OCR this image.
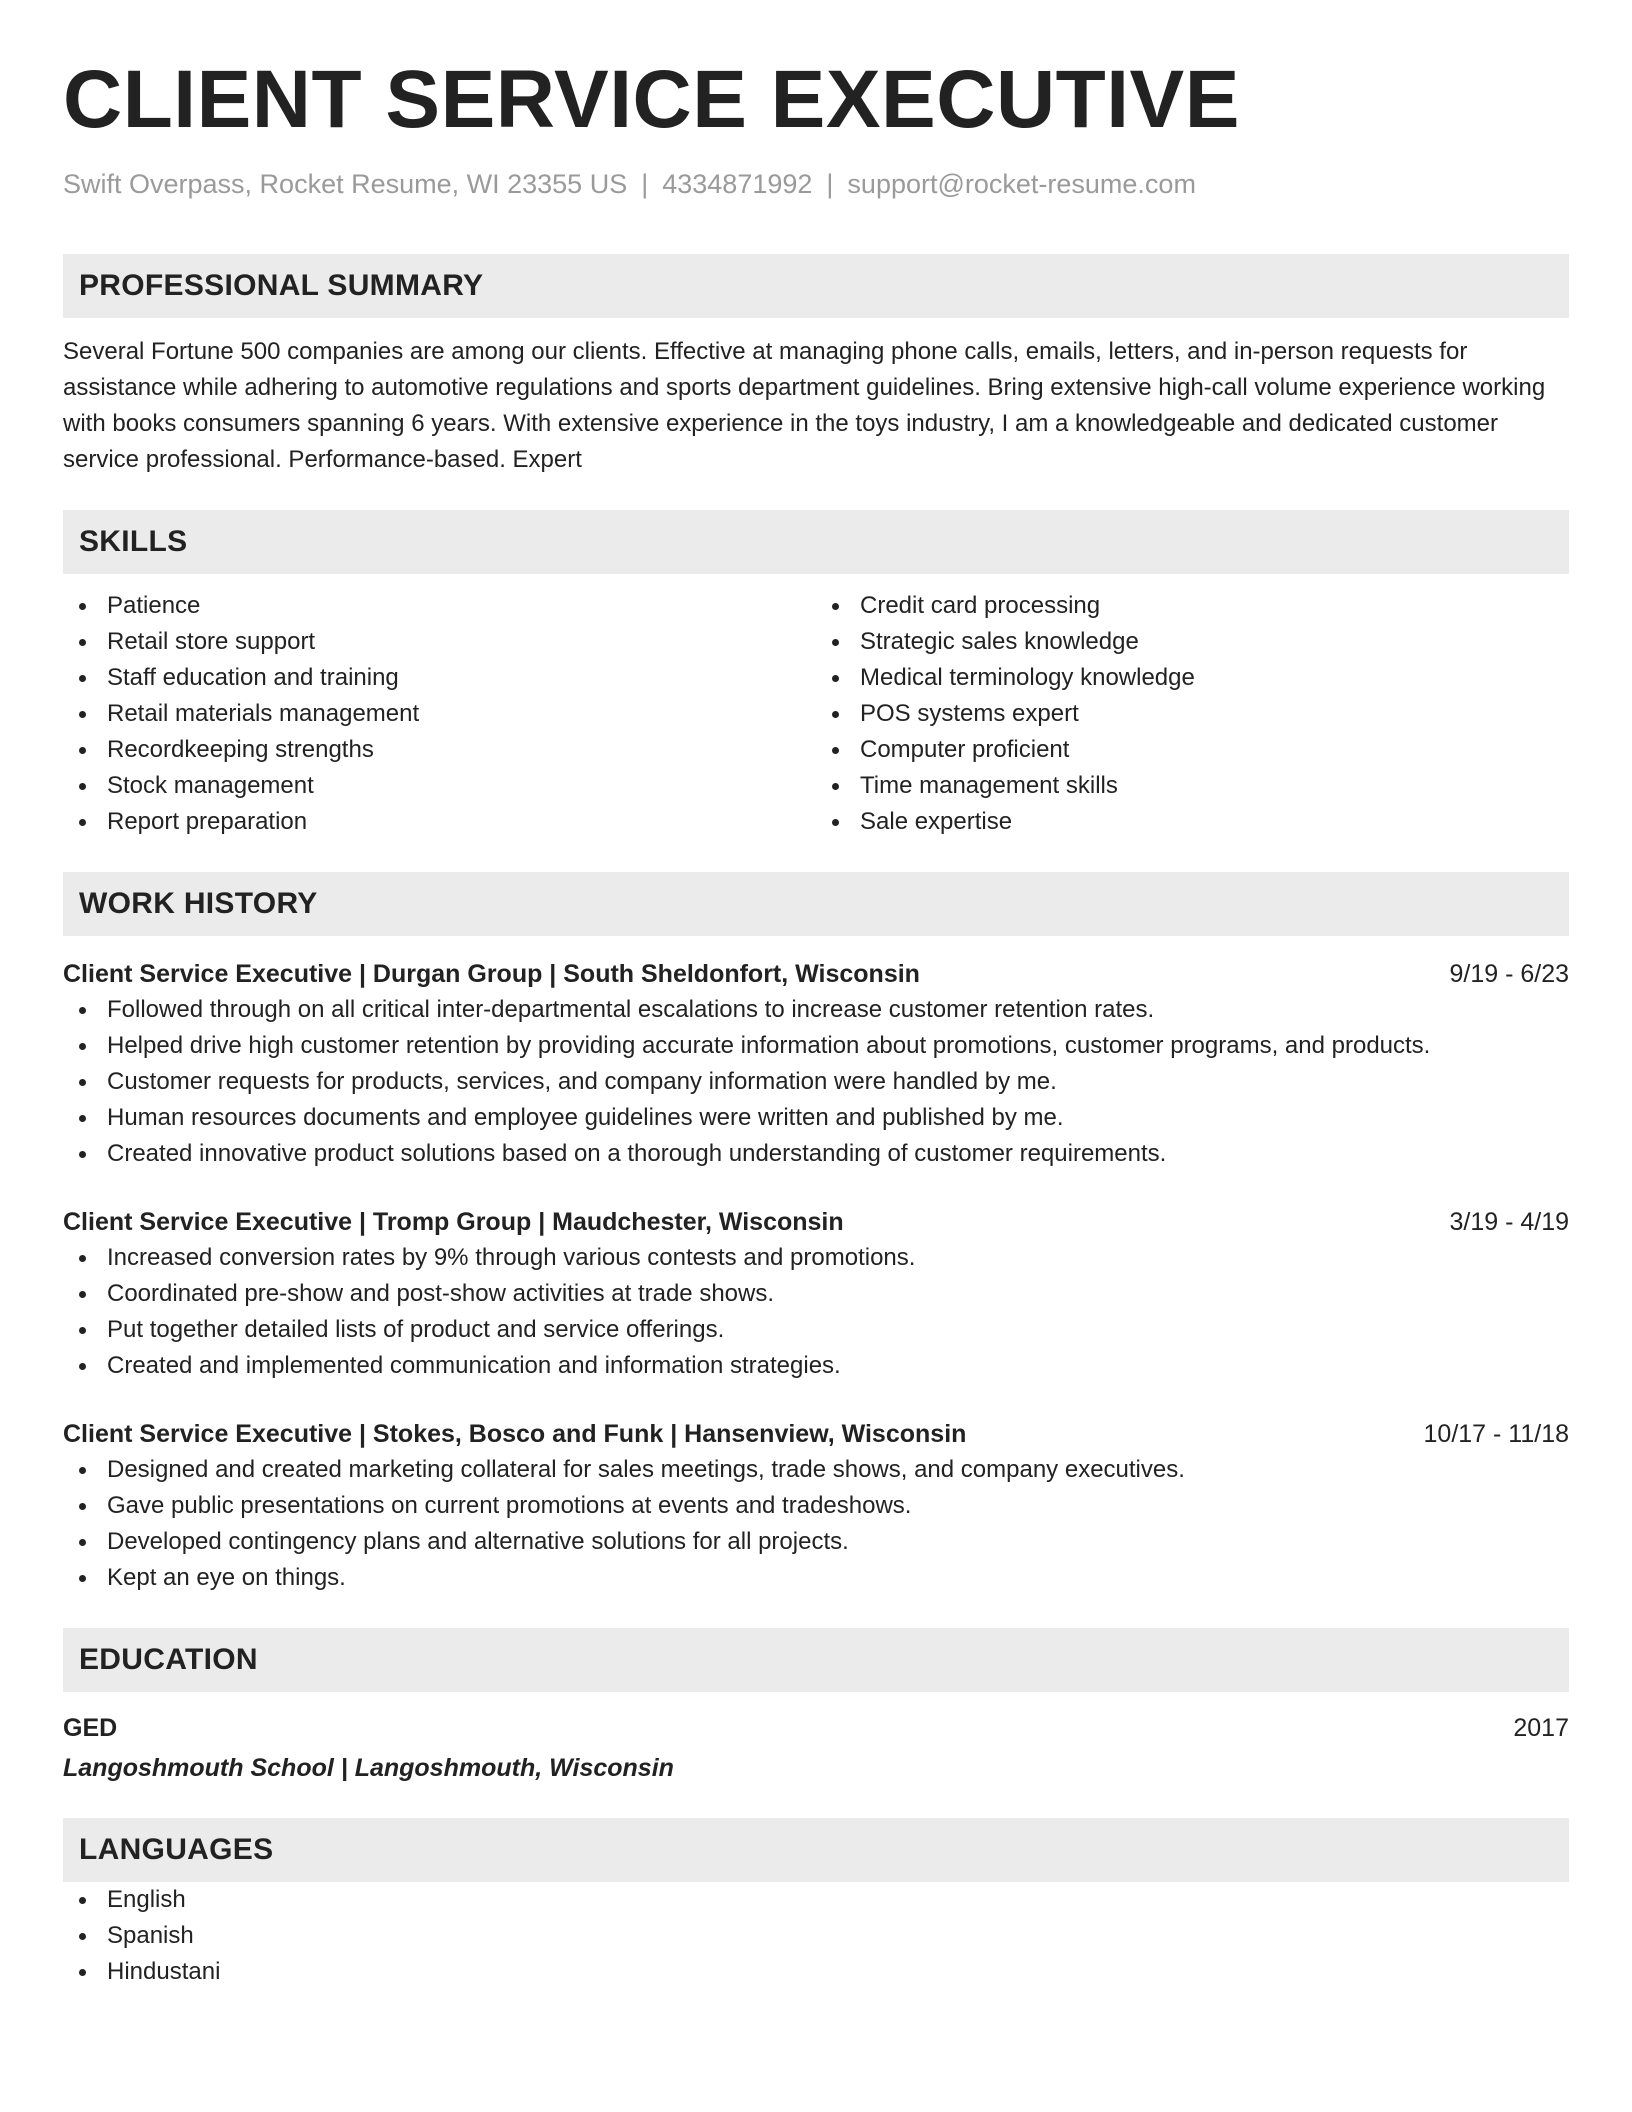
CLIENT SERVICE EXECUTIVE
Swift Overpass, Rocket Resume, WI 23355 US | 4334871992 | support@rocket-resume.com
PROFESSIONAL SUMMARY
Several Fortune 500 companies are among our clients. Effective at managing phone calls, emails, letters, and in-person requests for assistance while adhering to automotive regulations and sports department guidelines. Bring extensive high-call volume experience working with books consumers spanning 6 years. With extensive experience in the toys industry, I am a knowledgeable and dedicated customer service professional. Performance-based. Expert
SKILLS
Patience
Retail store support
Staff education and training
Retail materials management
Recordkeeping strengths
Stock management
Report preparation
Credit card processing
Strategic sales knowledge
Medical terminology knowledge
POS systems expert
Computer proficient
Time management skills
Sale expertise
WORK HISTORY
Client Service Executive | Durgan Group | South Sheldonfort, Wisconsin	9/19 - 6/23
Followed through on all critical inter-departmental escalations to increase customer retention rates.
Helped drive high customer retention by providing accurate information about promotions, customer programs, and products.
Customer requests for products, services, and company information were handled by me.
Human resources documents and employee guidelines were written and published by me.
Created innovative product solutions based on a thorough understanding of customer requirements.
Client Service Executive | Tromp Group | Maudchester, Wisconsin	3/19 - 4/19
Increased conversion rates by 9% through various contests and promotions.
Coordinated pre-show and post-show activities at trade shows.
Put together detailed lists of product and service offerings.
Created and implemented communication and information strategies.
Client Service Executive | Stokes, Bosco and Funk | Hansenview, Wisconsin	10/17 - 11/18
Designed and created marketing collateral for sales meetings, trade shows, and company executives.
Gave public presentations on current promotions at events and tradeshows.
Developed contingency plans and alternative solutions for all projects.
Kept an eye on things.
EDUCATION
GED	2017
Langoshmouth School | Langoshmouth, Wisconsin
LANGUAGES
English
Spanish
Hindustani
